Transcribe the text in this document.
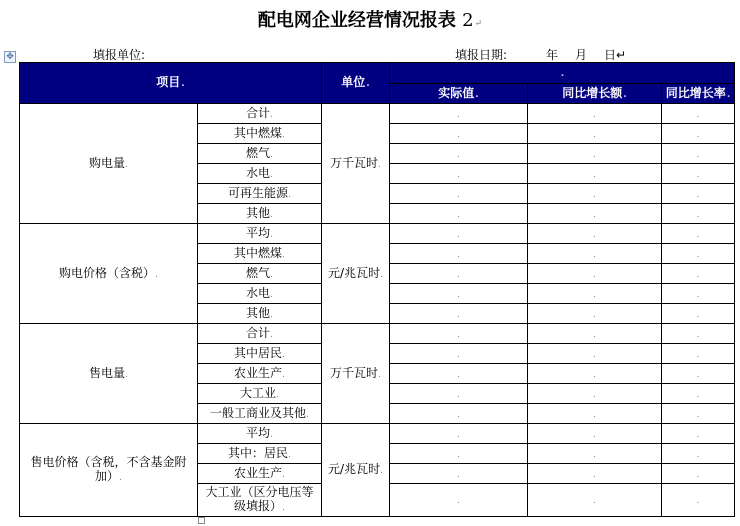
配电网企业经营情况报表 2↵
✥	填报单位:	填报日期:	年 月 日↵
项目.		单位.	.		
			实际值.	同比增长额.	同比增长率.
购电量.	合计.	万千瓦时.	.	.	.
	其中燃煤.		.	.	.
	燃气.		.	.	.
	水电.		.	.	.
	可再生能源.		.	.	.
	其他.		.	.	.
购电价格（含税）.	平均.	元/兆瓦时.	.	.	.
	其中燃煤.		.	.	.
	燃气.		.	.	.
	水电.		.	.	.
	其他.		.	.	.
售电量.	合计.	万千瓦时.	.	.	.
	其中居民.		.	.	.
	农业生产.		.	.	.
	大工业.		.	.	.
	一般工商业及其他.		.	.	.
售电价格（含税，不含基金附加）.	平均.	元/兆瓦时.	.	.	.
	其中：居民.		.	.	.
	农业生产.		.	.	.
	大工业（区分电压等级填报）.		.	.	.
